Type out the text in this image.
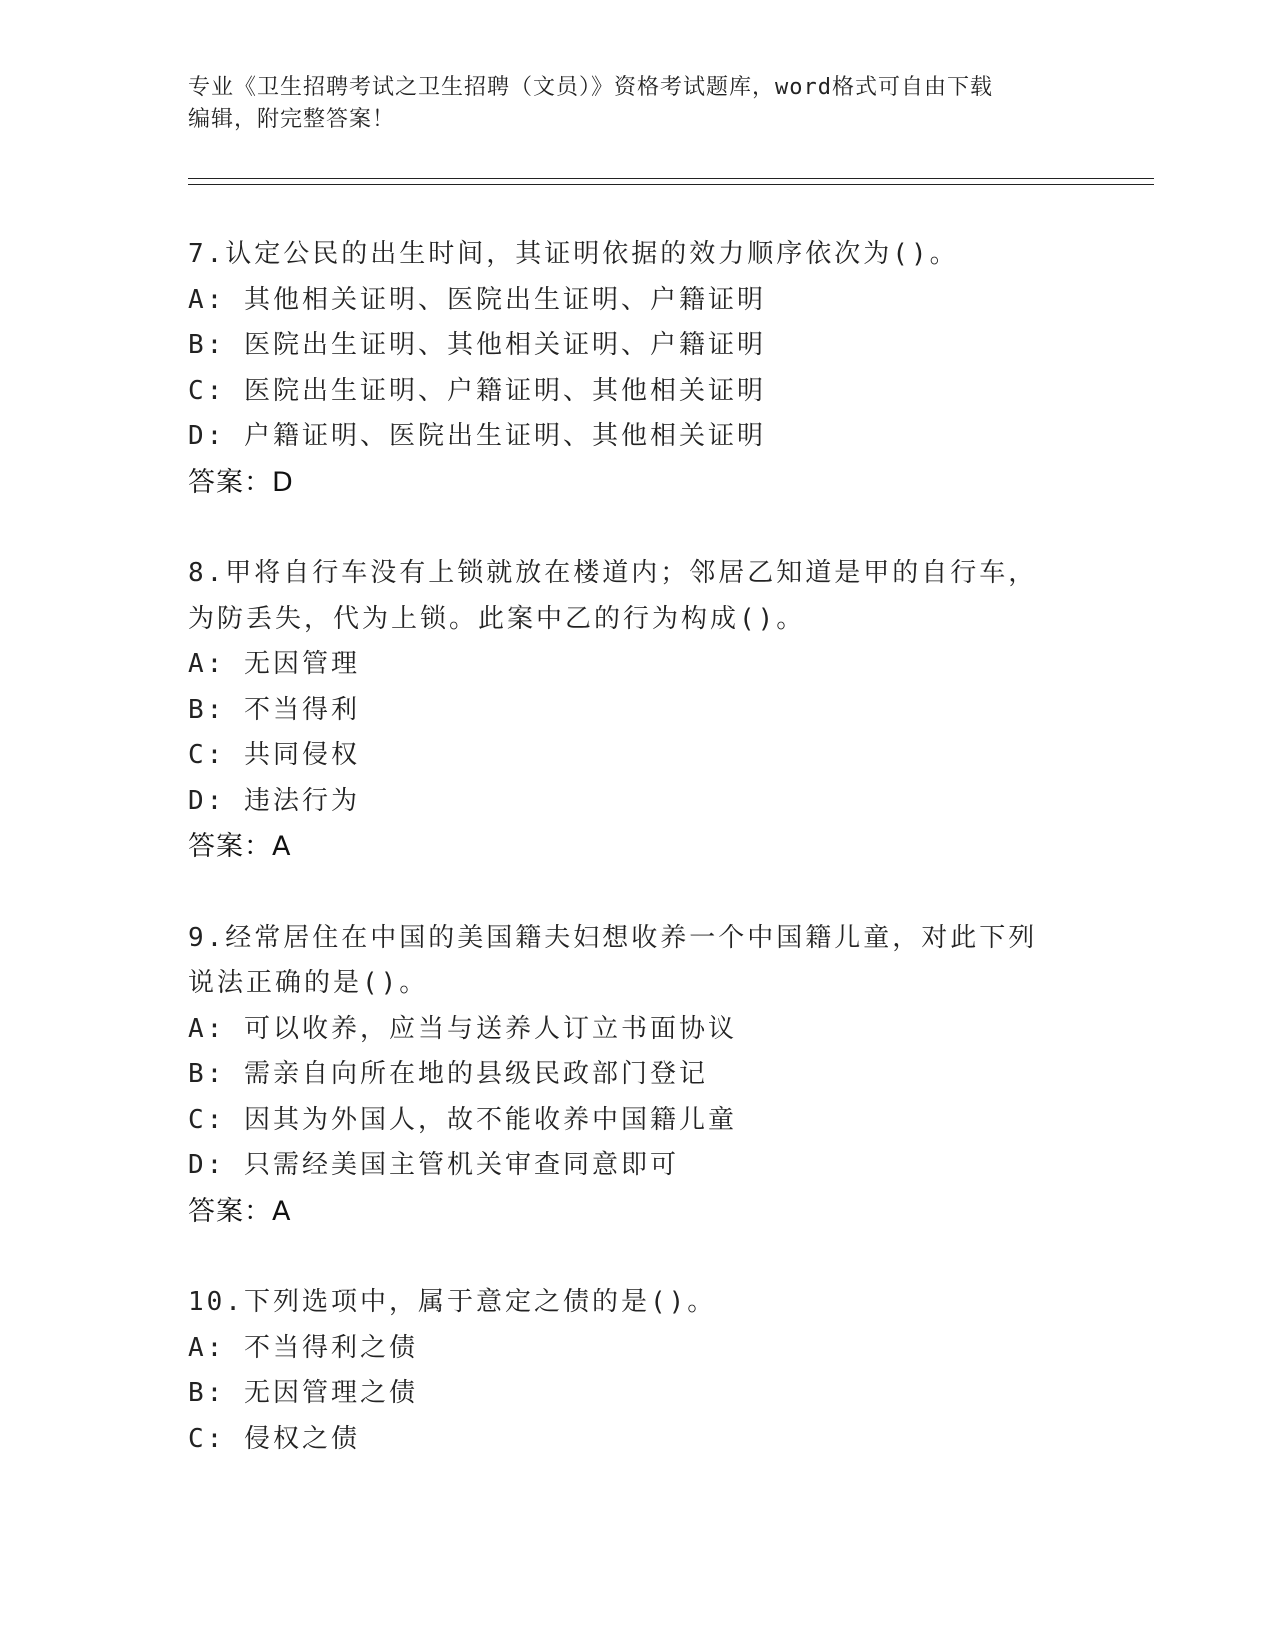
专业《卫生招聘考试之卫生招聘（文员）》资格考试题库，word格式可自由下载
编辑，附完整答案！
7.认定公民的出生时间，其证明依据的效力顺序依次为()。
A: 其他相关证明、医院出生证明、户籍证明
B: 医院出生证明、其他相关证明、户籍证明
C: 医院出生证明、户籍证明、其他相关证明
D: 户籍证明、医院出生证明、其他相关证明
答案：D
8.甲将自行车没有上锁就放在楼道内；邻居乙知道是甲的自行车，为防丢失，代为上锁。此案中乙的行为构成()。
A: 无因管理
B: 不当得利
C: 共同侵权
D: 违法行为
答案：A
9.经常居住在中国的美国籍夫妇想收养一个中国籍儿童，对此下列说法正确的是()。
A: 可以收养，应当与送养人订立书面协议
B: 需亲自向所在地的县级民政部门登记
C: 因其为外国人，故不能收养中国籍儿童
D: 只需经美国主管机关审查同意即可
答案：A
10.下列选项中，属于意定之债的是()。
A: 不当得利之债
B: 无因管理之债
C: 侵权之债
